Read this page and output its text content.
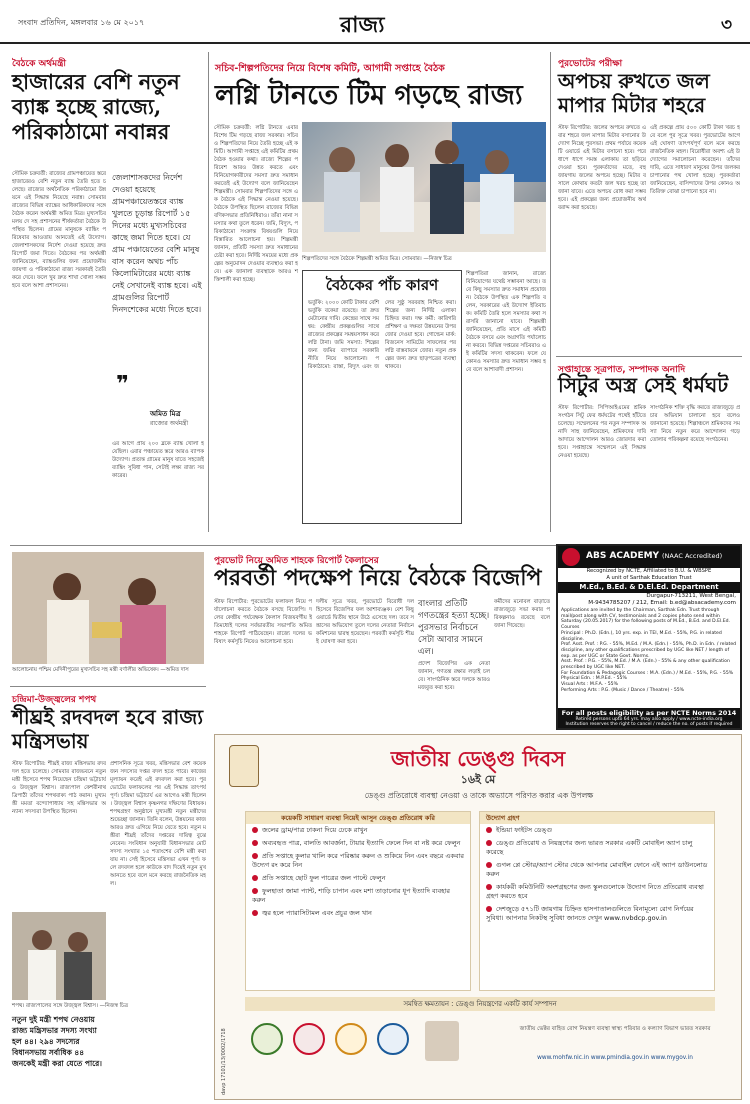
সংবাদ প্রতিদিন, মঙ্গলবার ১৬ মে ২০১৭	রাজ্য	৩
বৈঠকে অর্থমন্ত্রী
হাজারের বেশি নতুন ব্যাঙ্ক হচ্ছে রাজ্যে, পরিকাঠামো নবান্নর
সৌমিক চক্রবর্তী: রাজ্যের গ্রামপঞ্চায়েত স্তরে হাজারেরও বেশি নতুন ব্যাঙ্ক তৈরি হতে চলেছে। রাজ্যের অর্থনৈতিক পরিকাঠামো উন্নয়নে এই সিদ্ধান্ত নিয়েছে নবান্ন। সোমবার রাজ্যের বিভিন্ন ব্যাঙ্কের আধিকারিকদের সঙ্গে বৈঠক করেন অর্থমন্ত্রী অমিত মিত্র। মুখ্যসচিব মলয় দে সহ প্রশাসনের শীর্ষকর্তারা বৈঠকে উপস্থিত ছিলেন। গ্রামের মানুষকে ব্যাঙ্কিং পরিষেবার আওতায় আনতেই এই উদ্যোগ। জেলাশাসকদের নির্দেশ দেওয়া হয়েছে দ্রুত রিপোর্ট জমা দিতে। বৈঠকের পর অর্থমন্ত্রী জানিয়েছেন, ব্যাঙ্কগুলির জন্য প্রয়োজনীয় জায়গা ও পরিকাঠামো রাজ্য সরকারই তৈরি করে দেবে। ফলে খুব দ্রুত শাখা খোলা সম্ভব হবে বলে আশা প্রশাসনের।
জেলাশাসকদের নির্দেশ দেওয়া হয়েছে গ্রামপঞ্চায়েতস্তরে ব্যাঙ্ক খুলতে চূড়ান্ত রিপোর্ট ১৫ দিনের মধ্যে মুখ্যসচিবের কাছে জমা দিতে হবে। যে গ্রাম পঞ্চায়েতের বেশি মানুষ বাস করেন অথচ পাঁচ কিলোমিটারের মধ্যে ব্যাঙ্ক নেই সেখানেই ব্যাঙ্ক হবে। এই গ্রামগুলির রিপোর্ট দিনদশেকের মধ্যে দিতে হবে।
❞
অমিত মিত্র
রাজ্যের অর্থমন্ত্রী
এর আগে প্রায় ২০০ ব্লকে ব্যাঙ্ক খোলা হয়েছিল। এবার পঞ্চায়েত স্তরে আরও ব্যাপক উদ্যোগ। প্রত্যন্ত গ্রামের মানুষ যাতে সহজেই ব্যাঙ্কিং সুবিধা পান, সেটাই লক্ষ্য রাজ্য সরকারের।
সচিব-শিল্পপতিদের নিয়ে বিশেষ কমিটি, আগামী সপ্তাহে বৈঠক
লগ্নি টানতে টিম গড়ছে রাজ্য
সৌমিক চক্রবর্তী: লগ্নি টানতে এবার বিশেষ টিম গড়ছে রাজ্য সরকার। সচিব ও শিল্পপতিদের নিয়ে তৈরি হচ্ছে এই কমিটি। আগামী সপ্তাহে এই কমিটির প্রথম বৈঠক হওয়ার কথা। রাজ্যে শিল্পের পরিবেশ আরও উন্নত করতে এবং বিনিয়োগকারীদের সমস্যা দ্রুত সমাধান করতেই এই উদ্যোগ বলে জানিয়েছেন শিল্পমন্ত্রী। সোমবার শিল্পপতিদের সঙ্গে এক বৈঠকে এই সিদ্ধান্ত নেওয়া হয়েছে। বৈঠকে উপস্থিত ছিলেন রাজ্যের বিভিন্ন বণিকসভার প্রতিনিধিরাও। তাঁরা নানা সমস্যার কথা তুলে ধরেন। জমি, বিদ্যুৎ, পরিকাঠামো সংক্রান্ত বিষয়গুলি নিয়ে বিস্তারিত আলোচনা হয়। শিল্পমন্ত্রী জানান, প্রতিটি সমস্যা দ্রুত সমাধানের চেষ্টা করা হবে। নির্দিষ্ট সময়ের মধ্যে প্রকল্পের অনুমোদন দেওয়ার ব্যবস্থাও করা হবে। এক জানালা ব্যবস্থাকে আরও শক্তিশালী করা হচ্ছে।
শিল্পপতিদের সঙ্গে বৈঠকে শিল্পমন্ত্রী অমিত মিত্র। সোমবার। —নিজস্ব চিত্র
বৈঠকের পাঁচ কারণ
ভর্তুকি: ২০০০ কোটি টাকার বেশি ভর্তুকি বকেয়া রয়েছে। তা দ্রুত মেটানোর দাবি। কেন্দ্রের সাথে সমন্বয়: কেন্দ্রীয় প্রকল্পগুলির সাথে রাজ্যের প্রকল্পের সমন্বয়সাধন করে লগ্নি টানা। জমি সমস্যা: শিল্পের জন্য জমির ব্যাপারে সরকারি নীতি নিয়ে আলোচনা। পরিকাঠামো: রাস্তা, বিদ্যুৎ এবং জলের সুষ্ঠু সরবরাহ নিশ্চিত করা। শিল্পের জন্য নির্দিষ্ট এলাকা চিহ্নিত করা। দক্ষ কর্মী: কারিগরি প্রশিক্ষণ ও দক্ষতা উন্নয়নের উপর জোর দেওয়া হবে। গোল্ডেন মার্ক: বিজনেস সামিটের সাফল্যের পর লগ্নি বাস্তবায়নে জোর। নতুন প্রকল্পের জন্য দ্রুত ছাড়পত্রের ব্যবস্থা থাকবে।
শিল্পপতিরা জানান, রাজ্যে বিনিয়োগের যথেষ্ট সম্ভাবনা আছে। তবে কিছু সমস্যার দ্রুত সমাধান প্রয়োজন। বৈঠকে উপস্থিত এক শিল্পপতি বলেন, সরকারের এই উদ্যোগ ইতিবাচক। কমিটি তৈরি হলে সমস্যার কথা সরাসরি জানানো যাবে। শিল্পমন্ত্রী জানিয়েছেন, প্রতি মাসে এই কমিটি বৈঠকে বসবে এবং অগ্রগতি পর্যালোচনা করবে। বিভিন্ন দপ্তরের সচিবরাও এই কমিটির সদস্য থাকবেন। ফলে যে কোনও সমস্যার দ্রুত সমাধান সম্ভব হবে বলে আশাবাদী প্রশাসন।
পুরভোটের পরীক্ষা
অপচয় রুখতে জল মাপার মিটার শহরে
স্টাফ রিপোর্টার: জলের অপচয় রুখতে এবার শহরে জল মাপার মিটার বসানোর উদ্যোগ নিচ্ছে পুরসভা। প্রথম পর্যায়ে কয়েকটি ওয়ার্ডে এই মিটার বসানো হবে। পরে ধাপে ধাপে সমস্ত এলাকায় তা ছড়িয়ে দেওয়া হবে। পুরকর্তাদের মতে, বহু জায়গায় জলের অপচয় হচ্ছে। মিটার বসালে কোথায় কতটা জল খরচ হচ্ছে তা জানা যাবে। এতে অপচয় রোধ করা সম্ভব হবে। এই প্রকল্পের জন্য প্রয়োজনীয় অর্থ বরাদ্দ করা হয়েছে।
এই প্রকল্পে প্রায় ৫০০ কোটি টাকা খরচ হবে বলে পুর সূত্রে খবর। পুরভোটের আগে এই ঘোষণা তাৎপর্যপূর্ণ বলে মনে করছে রাজনৈতিক মহল। বিরোধীরা অবশ্য এই উদ্যোগের সমালোচনা করেছেন। তাঁদের দাবি, এতে সাধারণ মানুষের উপর জলকর চাপানোর পথ খোলা হচ্ছে। পুরকর্তারা জানিয়েছেন, বাসিন্দাদের উপর কোনও অতিরিক্ত বোঝা চাপানো হবে না।
সপ্তাহান্তে সূত্রপাত, সম্পাদক অনাদি
সিটুর অস্ত্র সেই ধর্মঘট
স্টাফ রিপোর্টার: সিপিআইএমের শ্রমিক সংগঠন সিটু ফের ধর্মঘটের পথেই হাঁটতে চলেছে। সম্মেলনের পর নতুন সম্পাদক অনাদি সাহু জানিয়েছেন, শ্রমিকদের দাবি আদায়ে আন্দোলন আরও জোরদার করা হবে। সপ্তাহান্তে সম্মেলনে এই সিদ্ধান্ত নেওয়া হয়েছে।
সাংগঠনিক শক্তি বৃদ্ধি করতে রাজ্যজুড়ে প্রচার অভিযান চালানো হবে বলেও জানানো হয়েছে। শিল্পাঞ্চলে শ্রমিকদের সমস্যা নিয়ে নতুন করে আন্দোলন গড়ে তোলার পরিকল্পনা রয়েছে সংগঠনের।
আলোচনায় পশ্চিম মেদিনীপুরের মুখ্যসচিব সহ মন্ত্রী বর্ণালীর অভিষেক। —অমিত দাস
পুরভোট নিয়ে অমিত শাহকে রিপোর্ট কৈলাসের
পরবর্তী পদক্ষেপ নিয়ে বৈঠকে বিজেপি
স্টাফ রিপোর্টার: পুরভোটের ফলাফল নিয়ে পর্যালোচনা করতে বৈঠকে বসছে বিজেপি। দলের কেন্দ্রীয় পর্যবেক্ষক কৈলাস বিজয়বর্গীয় ইতিমধ্যেই দলের সর্বভারতীয় সভাপতি অমিত শাহকে রিপোর্ট পাঠিয়েছেন। রাজ্যে দলের ভবিষ্যৎ কর্মসূচি নিয়েও আলোচনা হবে।
দলীয় সূত্রে খবর, পুরভোটে বিরোধী দল হিসেবে বিজেপির ফল আশাব্যঞ্জক। বেশ কিছু ওয়ার্ডে দ্বিতীয় স্থানে উঠে এসেছে দল। তবে সন্ত্রাসের অভিযোগ তুলে দলের নেতারা নির্বাচন কমিশনের দ্বারস্থ হয়েছেন। পরবর্তী কর্মসূচি শীঘ্রই ঘোষণা করা হবে।
বাংলার প্রতিটি গণতন্ত্রের হত্যা হচ্ছে। পুরসভার নির্বাচনে সেটা আবার সামনে এল।
প্রদেশ বিজেপির এক নেতা জানান, গণতন্ত্র রক্ষার লড়াই চলবে। সাংগঠনিক স্তরে দলকে আরও মজবুত করা হবে।
কর্মীদের মনোবল বাড়াতে রাজ্যজুড়ে সভা করার পরিকল্পনাও রয়েছে বলে জানা গিয়েছে।
ABS ACADEMY (NAAC Accredited)
Recognized by NCTE, Affiliated to B.U. & WBSPE
A unit of Sarthak Education Trust
M.Ed., B.Ed. & D.El.Ed. Department
Durgapur-713211, West Bengal,
M-9434785207 / 212, Email: b.ed@absacademy.com
Applications are invited by the Chairman, Sarthak Edn. Trust through mail/post along with CV, testimonials and 2 copies photo send within Saturday (20.05.2017) for the following posts of M.Ed., B.Ed. and D.El.Ed. Courses
Principal : Ph.D. (Edn.), 10 yrs. exp. in TEI, M.Ed. - 55%, P.G. in related discipline.
Prof. Asst. Prof. : P.G. - 55%, M.Ed. / M.A. (Edn.) - 55%, Ph.D. in Edn. / related discipline, any other qualifications prescribed by UGC like NET / length of exp. as per UGC or State Govt. Norms.
Asst. Prof. : P.G. - 55%, M.Ed. / M.A. (Edn.) - 55% & any other qualification prescribed by UGC like NET.
For Foundation & Pedagogic Courses : M.A. (Edn.) / M.Ed. - 55%, P.G. - 55%
Physical Edn. : M.P.Ed. - 55%
Visual Arts : M.F.A. - 55%
Performing Arts : P.G. (Music / Dance / Theatre) - 55%
For all posts eligibility as per NCTE Norms 2014
Retired persons upto 64 yrs. may also apply / www.ncte-india.org
Institution reserves the right to cancel / reduce the no. of posts if required
চন্দ্রিমা-উজ্জ্বলের শপথ
শীঘ্রই রদবদল হবে রাজ্য মন্ত্রিসভায়
স্টাফ রিপোর্টার: শীঘ্রই রাজ্য মন্ত্রিসভায় রদবদল হতে চলেছে। সোমবার রাজভবনে নতুন মন্ত্রী হিসেবে শপথ নিয়েছেন চন্দ্রিমা ভট্টাচার্য ও উজ্জ্বল বিশ্বাস। রাজ্যপাল কেশরীনাথ ত্রিপাঠী তাঁদের শপথবাক্য পাঠ করান। মুখ্যমন্ত্রী মমতা বন্দ্যোপাধ্যায় সহ মন্ত্রিসভার অন্যান্য সদস্যরা উপস্থিত ছিলেন।
শপথ। রাজ্যপালের সঙ্গে উজ্জ্বল বিশ্বাস। —নিজস্ব চিত্র
নতুন দুই মন্ত্রী শপথ নেওয়ায় রাজ্য মন্ত্রিসভার সদস্য সংখ্যা হল ৪৪। ২৯৪ সদস্যের বিধানসভায় সর্বাধিক ৪৪ জনকেই মন্ত্রী করা যেতে পারে।
প্রশাসনিক সূত্রে খবর, মন্ত্রিসভার বেশ কয়েকজন সদস্যের দপ্তর বদল হতে পারে। কাজের মূল্যায়ন করেই এই রদবদল করা হবে। পুরভোটের ফলাফলের পর এই সিদ্ধান্ত তাৎপর্যপূর্ণ। চন্দ্রিমা ভট্টাচার্য এর আগেও মন্ত্রী ছিলেন। উজ্জ্বল বিশ্বাস কৃষ্ণনগর দক্ষিণের বিধায়ক। শপথগ্রহণ অনুষ্ঠানে মুখ্যমন্ত্রী নতুন মন্ত্রীদের শুভেচ্ছা জানান। তিনি বলেন, উন্নয়নের কাজ আরও দ্রুত এগিয়ে নিয়ে যেতে হবে। নতুন মন্ত্রীরা শীঘ্রই তাঁদের দপ্তরের দায়িত্ব বুঝে নেবেন। সংবিধান অনুযায়ী বিধানসভার মোট সদস্য সংখ্যার ১৫ শতাংশের বেশি মন্ত্রী করা যায় না। সেই হিসেবে মন্ত্রিসভা এখন পূর্ণ। ফলে রদবদল হলে কাউকে বাদ দিয়েই নতুন মুখ আনতে হবে বলে মনে করছে রাজনৈতিক মহল।
জাতীয় ডেঙ্গু দিবস
১৬ই মে
ডেঙ্গু প্রতিরোধে ব্যবস্থা নেওয়া ও তাকে অভ্যাসে পরিণত করার এক উপলক্ষ
কয়েকটি সাধারণ ব্যবস্থা নিয়েই আসুন ডেঙ্গু প্রতিরোধ করি
জলের ড্রাম/পাত্র ঢাকনা দিয়ে ঢেকে রাখুন
অব্যবহৃত পাত্র, বালতি আবর্জনা, টায়ার ইত্যাদি ফেলে দিন বা নষ্ট করে ফেলুন
প্রতি সপ্তাহে কুলার খালি করে পরিষ্কার করুন ও শুকিয়ে নিন এবং বছরে একবার উদ্যেগ রং করে নিন
প্রতি সপ্তাহে ছোট ফুল পাত্রের জল পাল্টে ফেলুন
ফুলহাতা জামা প্যান্ট, শাড়ি চাপান এবং মশা তাড়ানোর ধূপ ইত্যাদি ব্যবহার করুন
জ্বর হলে প্যারাসিটামল এবং প্রচুর জল খান
উদ্যোগ গ্রহণ
ইন্ডিয়া ফাইটস ডেঙ্গু
ডেঙ্গু প্রতিরোধ ও নিয়ন্ত্রণের জন্য ভারত সরকার একটি মোবাইল অ্যাপ চালু করেছে
গুগল প্লে স্টোর/অ্যাপ স্টোর থেকে আপনার মোবাইল ফোনে এই অ্যাপ ডাউনলোড করুন
কার্যকরী কমিউনিটি অংশগ্রহণের জন্য স্কুলগুলোকে উদ্যোগ নিতে প্রতিরোধ ব্যবস্থা গ্রহণ করতে হবে
দেশজুড়ে ৫৭১টি জায়গায় চিহ্নিত হাসপাতালগুলিতে বিনামূল্যে রোগ নির্ণয়ের সুবিধা। আপনার নিকটস্থ সুবিধা জানতে দেখুন www.nvbdcp.gov.in
সমন্বিত ক্ষমতায়ন : ডেঙ্গু নিয়ন্ত্রণের একটি কার্য সম্পাদন
davp 17101/13/0002/1718	জাতীয় ভেক্টর বাহিত রোগ নিয়ন্ত্রণ ব্যবস্থা স্বাস্থ্য পরিবার ও কল্যাণ বিভাগ ভারত সরকার
www.mohfw.nic.in www.pmindia.gov.in www.mygov.in
